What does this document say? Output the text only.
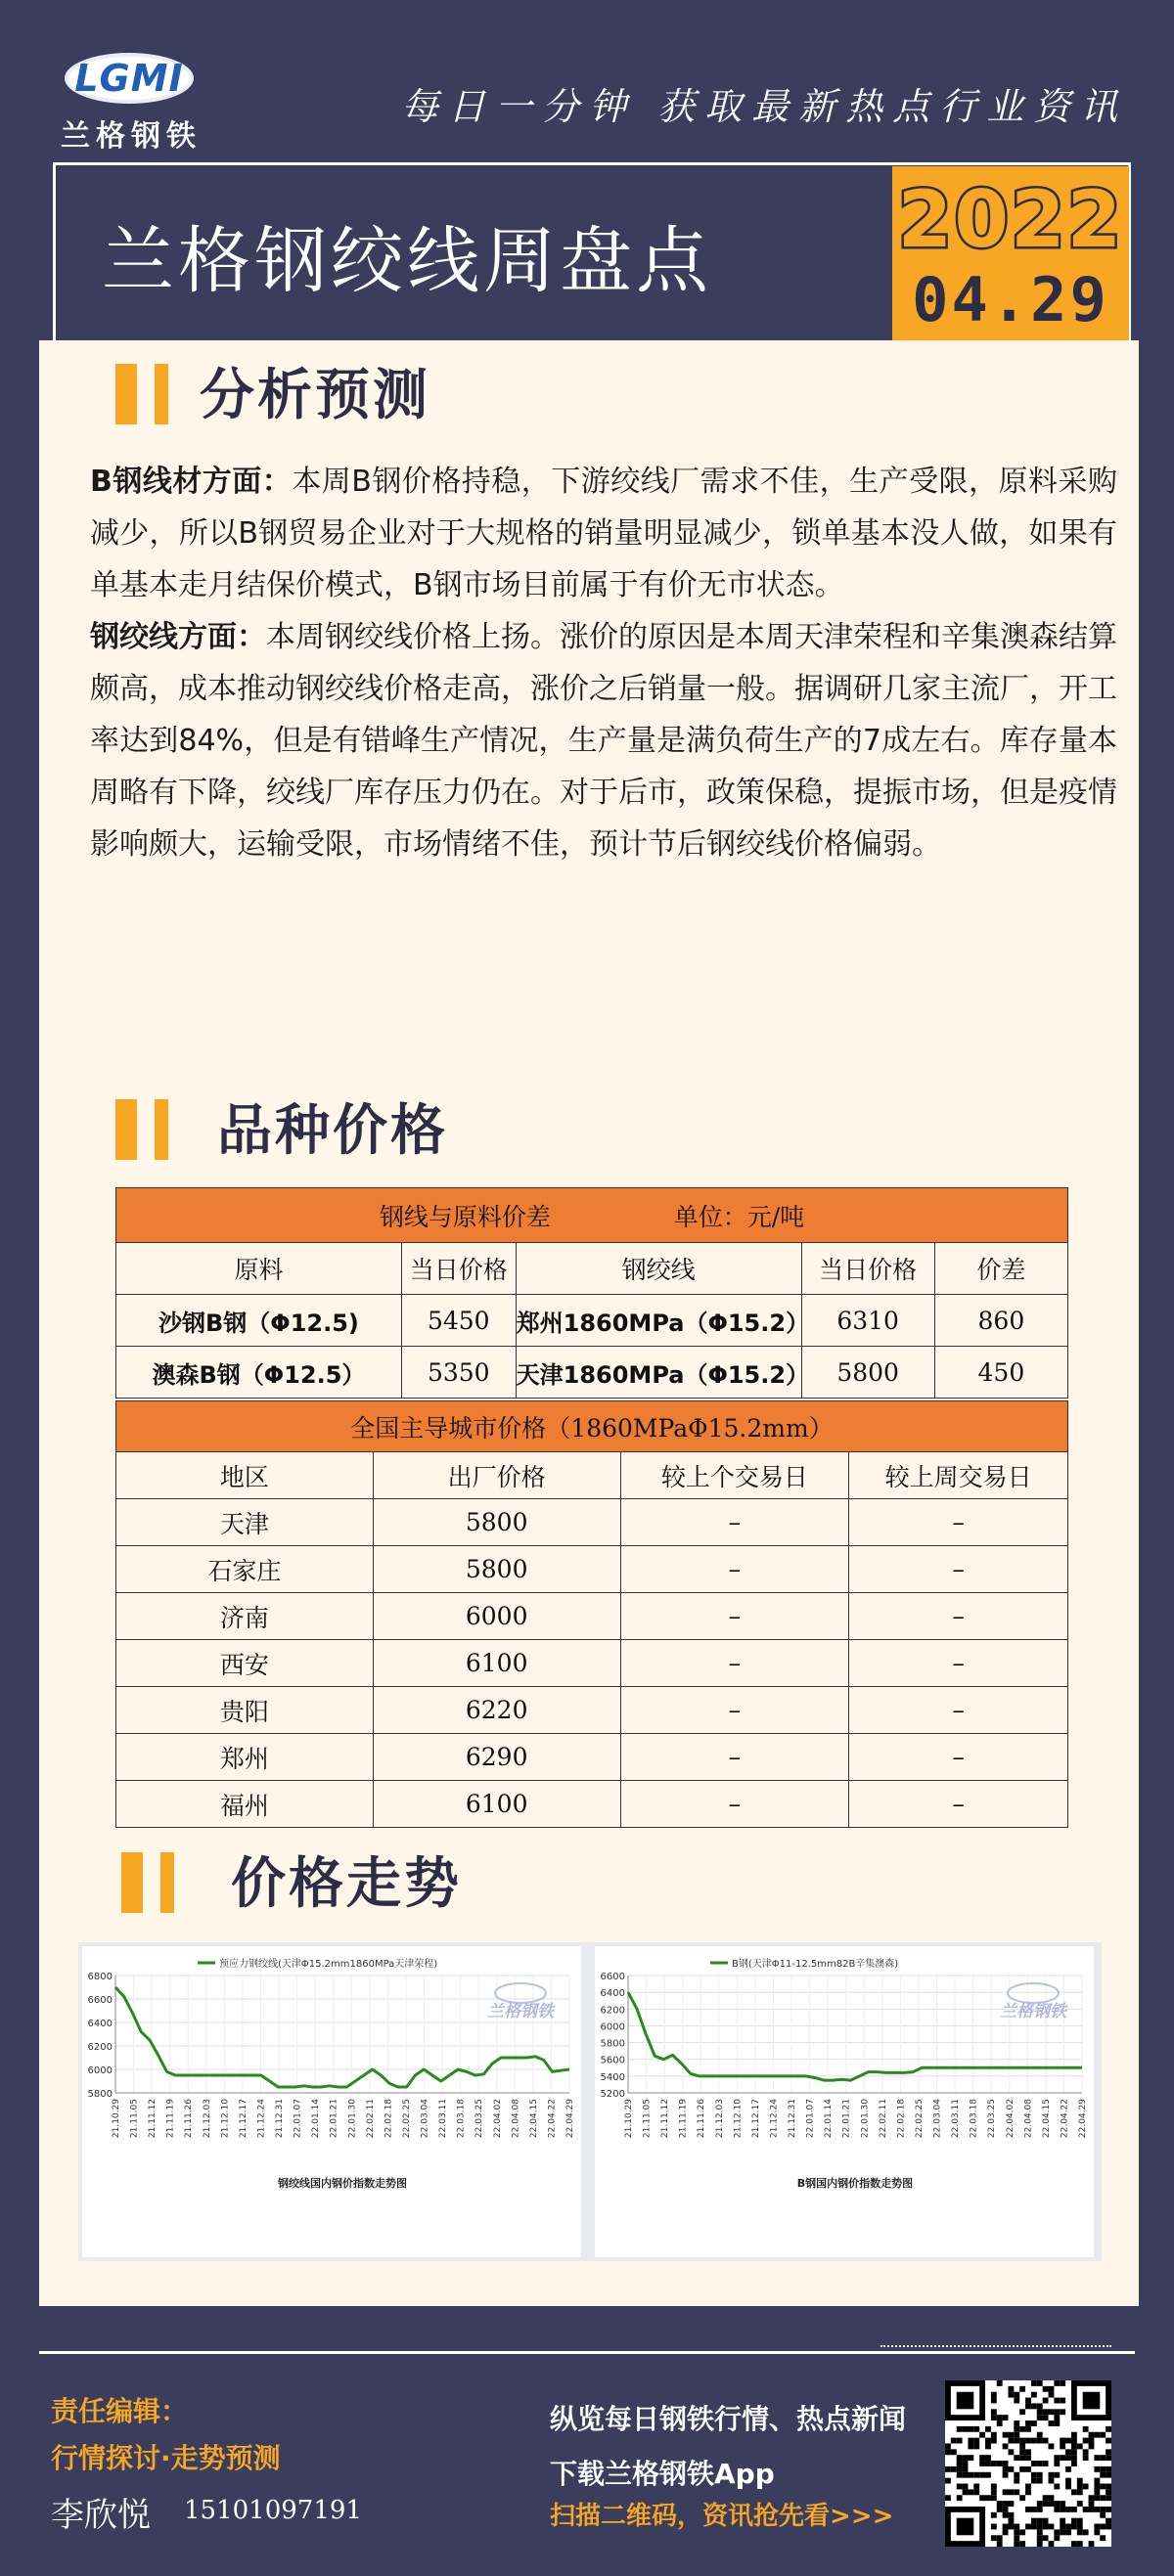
LGMI
兰格钢铁
每日一分钟 获取最新热点行业资讯
兰格钢绞线周盘点 2022
04.29
分析预测

B钢线材方面：本周B钢价格持稳，下游绞线厂需求不佳，生产受限，原料采购减少，所以B钢贸易企业对于大规格的销量明显减少，锁单基本没人做，如果有单基本走月结保价模式，B钢市场目前属于有价无市状态。

钢绞线方面：本周钢绞线价格上扬。涨价的原因是本周天津荣程和辛集澳森结算颇高，成本推动钢绞线价格走高，涨价之后销量一般。据调研几家主流厂，开工率达到84%，但是有错峰生产情况，生产量是满负荷生产的7成左右。库存量本周略有下降，绞线厂库存压力仍在。对于后市，政策保稳，提振市场，但是疫情影响颇大，运输受限，市场情绪不佳，预计节后钢绞线价格偏弱。

品种价格
钢线与原料价差 单位：元/吨				
原料	当日价格	钢绞线	当日价格	价差
沙钢B钢（Φ12.5)	5450	郑州1860MPa（Φ15.2）	6310	860
澳森B钢（Φ12.5）	5350	天津1860MPa（Φ15.2）	5800	450
全国主导城市价格（1860MPaΦ15.2mm）			
地区	出厂价格	较上个交易日	较上周交易日
天津	5800	–	–
石家庄	5800	–	–
济南	6000	–	–
西安	6100	–	–
贵阳	6220	–	–
郑州	6290	–	–
福州	6100	–	–
价格走势
预应力钢绞线(天津Φ15.2mm1860MPa天津荣程)
5800
6000
6200
6400
6600
6800
21.10.29 21.11.05 21.11.12 21.11.19 21.11.26 21.12.03 21.12.10 21.12.17 21.12.24 21.12.31 22.01.07 22.01.14 22.01.21 22.01.30 22.02.11 22.02.18 22.02.25 22.03.04 22.03.11 22.03.18 22.03.25 22.04.02 22.04.08 22.04.15 22.04.22 22.04.29
兰格钢铁
钢绞线国内钢价指数走势图
B钢(天津Φ11-12.5mm82B辛集澳森)
5200
5400
5600
5800
6000
6200
6400
6600
21.10.29 21.11.05 21.11.12 21.11.19 21.11.26 21.12.03 21.12.10 21.12.17 21.12.24 21.12.31 22.01.07 22.01.14 22.01.21 22.01.30 22.02.11 22.02.18 22.02.25 22.03.04 22.03.11 22.03.18 22.03.25 22.04.02 22.04.08 22.04.15 22.04.22 22.04.29
兰格钢铁
B钢国内钢价指数走势图
责任编辑：
行情探讨·走势预测
李欣悦 15101097191
纵览每日钢铁行情、热点新闻
下载兰格钢铁App
扫描二维码，资讯抢先看>>>
